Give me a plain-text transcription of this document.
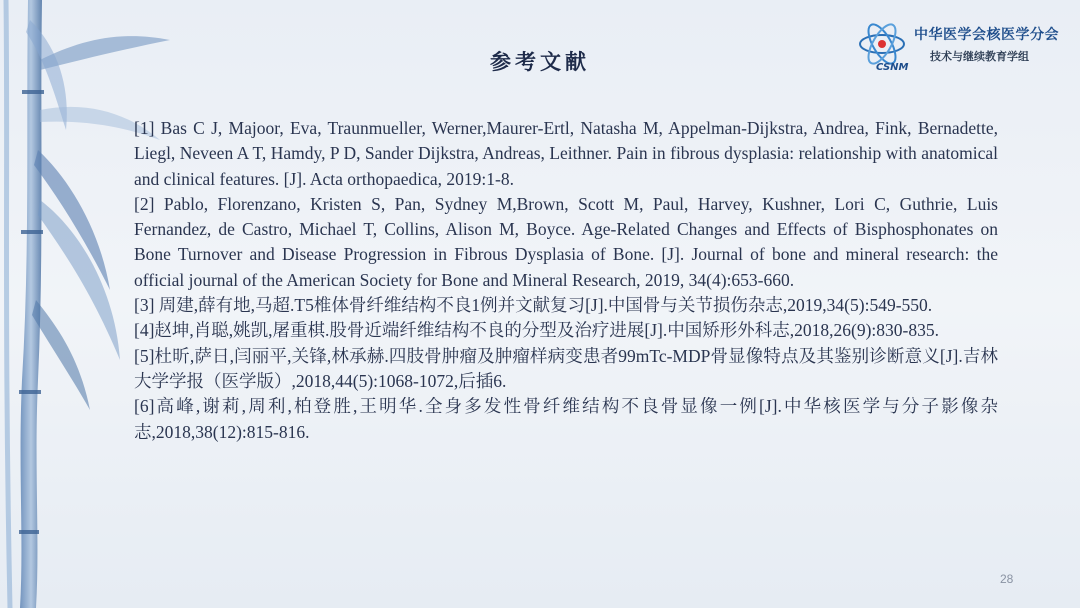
CSNM
中华医学会核医学分会
技术与继续教育学组
参考文献

[1] Bas C J, Majoor, Eva, Traunmueller, Werner,Maurer-Ertl, Natasha M, Appelman-Dijkstra, Andrea, Fink, Bernadette, Liegl, Neveen A T, Hamdy, P D, Sander Dijkstra, Andreas, Leithner. Pain in fibrous dysplasia: relationship with anatomical and clinical features. [J]. Acta orthopaedica, 2019:1-8.

[2] Pablo, Florenzano, Kristen S, Pan, Sydney M,Brown, Scott M, Paul, Harvey, Kushner, Lori C, Guthrie, Luis Fernandez, de Castro, Michael T, Collins, Alison M, Boyce. Age-Related Changes and Effects of Bisphosphonates on Bone Turnover and Disease Progression in Fibrous Dysplasia of Bone. [J]. Journal of bone and mineral research: the official journal of the American Society for Bone and Mineral Research, 2019, 34(4):653-660.

[3] 周建,薛有地,马超.T5椎体骨纤维结构不良1例并文献复习[J].中国骨与关节损伤杂志,2019,34(5):549-550.

[4]赵坤,肖聪,姚凯,屠重棋.股骨近端纤维结构不良的分型及治疗进展[J].中国矫形外科志,2018,26(9):830-835.

[5]杜昕,萨日,闫丽平,关锋,林承赫.四肢骨肿瘤及肿瘤样病变患者99mTc-MDP骨显像特点及其鉴别诊断意义[J].吉林大学学报（医学版）,2018,44(5):1068-1072,后插6.

[6]高峰,谢莉,周利,柏登胜,王明华.全身多发性骨纤维结构不良骨显像一例[J].中华核医学与分子影像杂志,2018,38(12):815-816.

28
